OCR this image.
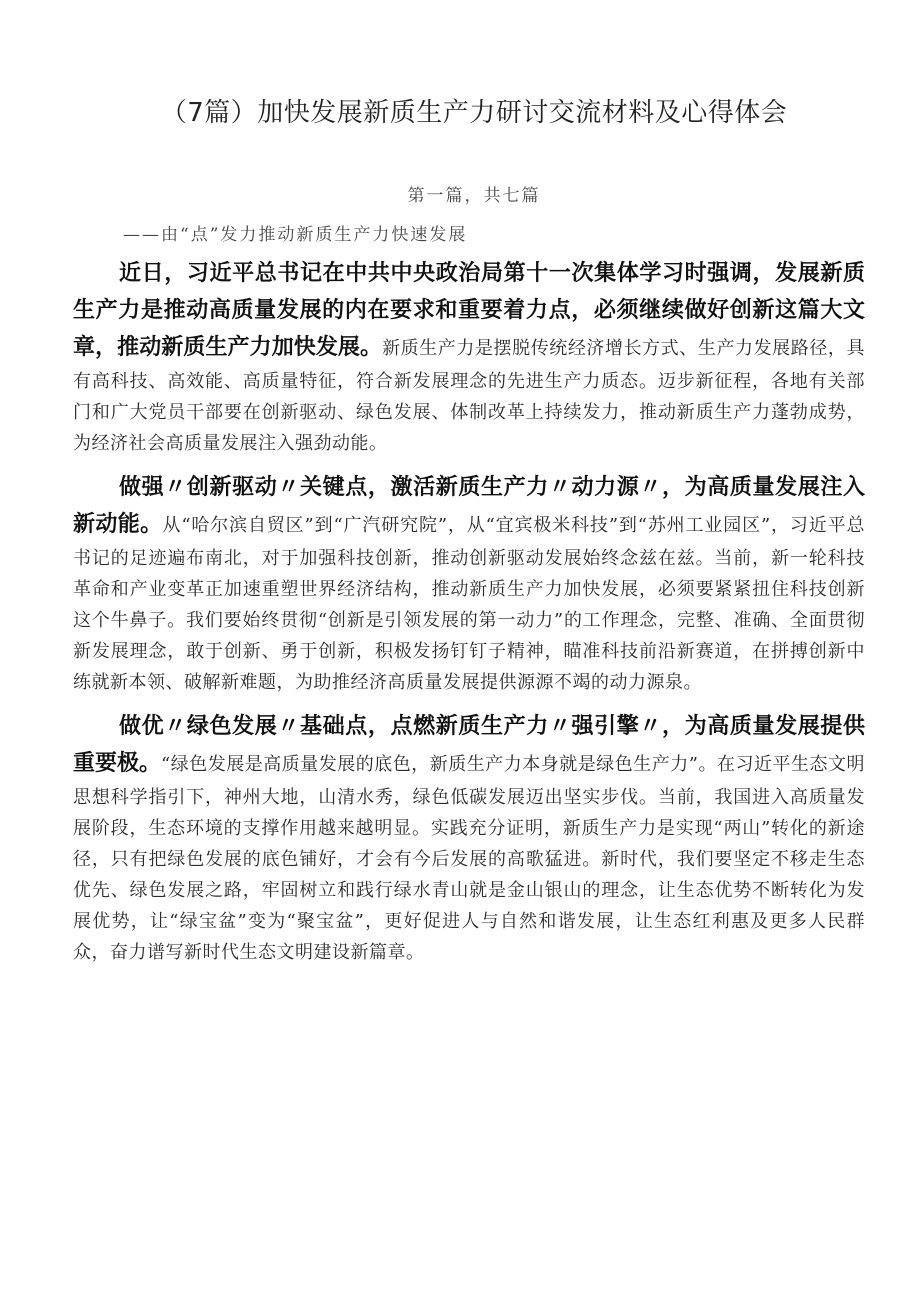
（7篇）加快发展新质生产力研讨交流材料及心得体会
第一篇，共七篇
——由“点”发力推动新质生产力快速发展

近日，习近平总书记在中共中央政治局第十一次集体学习时强调，发展新质生产力是推动高质量发展的内在要求和重要着力点，必须继续做好创新这篇大文章，推动新质生产力加快发展。新质生产力是摆脱传统经济增长方式、生产力发展路径，具有高科技、高效能、高质量特征，符合新发展理念的先进生产力质态。迈步新征程，各地有关部门和广大党员干部要在创新驱动、绿色发展、体制改革上持续发力，推动新质生产力蓬勃成势，为经济社会高质量发展注入强劲动能。

做强〃创新驱动〃关键点，激活新质生产力〃动力源〃，为高质量发展注入新动能。从“哈尔滨自贸区”到“广汽研究院”，从“宜宾极米科技”到“苏州工业园区”，习近平总书记的足迹遍布南北，对于加强科技创新，推动创新驱动发展始终念兹在兹。当前，新一轮科技革命和产业变革正加速重塑世界经济结构，推动新质生产力加快发展，必须要紧紧扭住科技创新这个牛鼻子。我们要始终贯彻“创新是引领发展的第一动力”的工作理念，完整、准确、全面贯彻新发展理念，敢于创新、勇于创新，积极发扬钉钉子精神，瞄准科技前沿新赛道，在拼搏创新中练就新本领、破解新难题，为助推经济高质量发展提供源源不竭的动力源泉。

做优〃绿色发展〃基础点，点燃新质生产力〃强引擎〃，为高质量发展提供重要极。“绿色发展是高质量发展的底色，新质生产力本身就是绿色生产力”。在习近平生态文明思想科学指引下，神州大地，山清水秀，绿色低碳发展迈出坚实步伐。当前，我国进入高质量发展阶段，生态环境的支撑作用越来越明显。实践充分证明，新质生产力是实现“两山”转化的新途径，只有把绿色发展的底色铺好，才会有今后发展的高歌猛进。新时代，我们要坚定不移走生态优先、绿色发展之路，牢固树立和践行绿水青山就是金山银山的理念，让生态优势不断转化为发展优势，让“绿宝盆”变为“聚宝盆”，更好促进人与自然和谐发展，让生态红利惠及更多人民群众，奋力谱写新时代生态文明建设新篇章。
